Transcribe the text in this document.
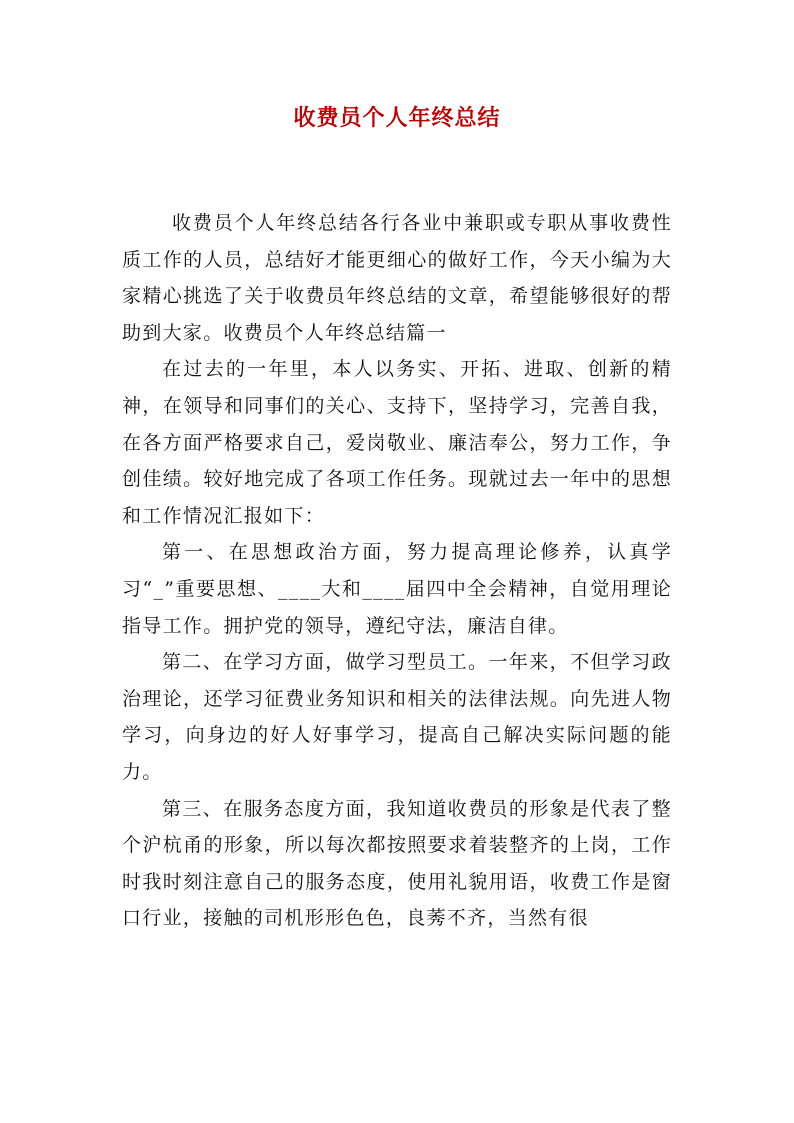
收费员个人年终总结

收费员个人年终总结各行各业中兼职或专职从事收费性质工作的人员，总结好才能更细心的做好工作，今天小编为大家精心挑选了关于收费员年终总结的文章，希望能够很好的帮助到大家。收费员个人年终总结篇一

在过去的一年里，本人以务实、开拓、进取、创新的精神，在领导和同事们的关心、支持下，坚持学习，完善自我，在各方面严格要求自己，爱岗敬业、廉洁奉公，努力工作，争创佳绩。较好地完成了各项工作任务。现就过去一年中的思想和工作情况汇报如下：

第一、在思想政治方面，努力提高理论修养，认真学习“_”重要思想、____大和____届四中全会精神，自觉用理论指导工作。拥护党的领导，遵纪守法，廉洁自律。

第二、在学习方面，做学习型员工。一年来，不但学习政治理论，还学习征费业务知识和相关的法律法规。向先进人物学习，向身边的好人好事学习，提高自己解决实际问题的能力。

第三、在服务态度方面，我知道收费员的形象是代表了整个沪杭甬的形象，所以每次都按照要求着装整齐的上岗，工作时我时刻注意自己的服务态度，使用礼貌用语，收费工作是窗口行业，接触的司机形形色色，良莠不齐，当然有很
